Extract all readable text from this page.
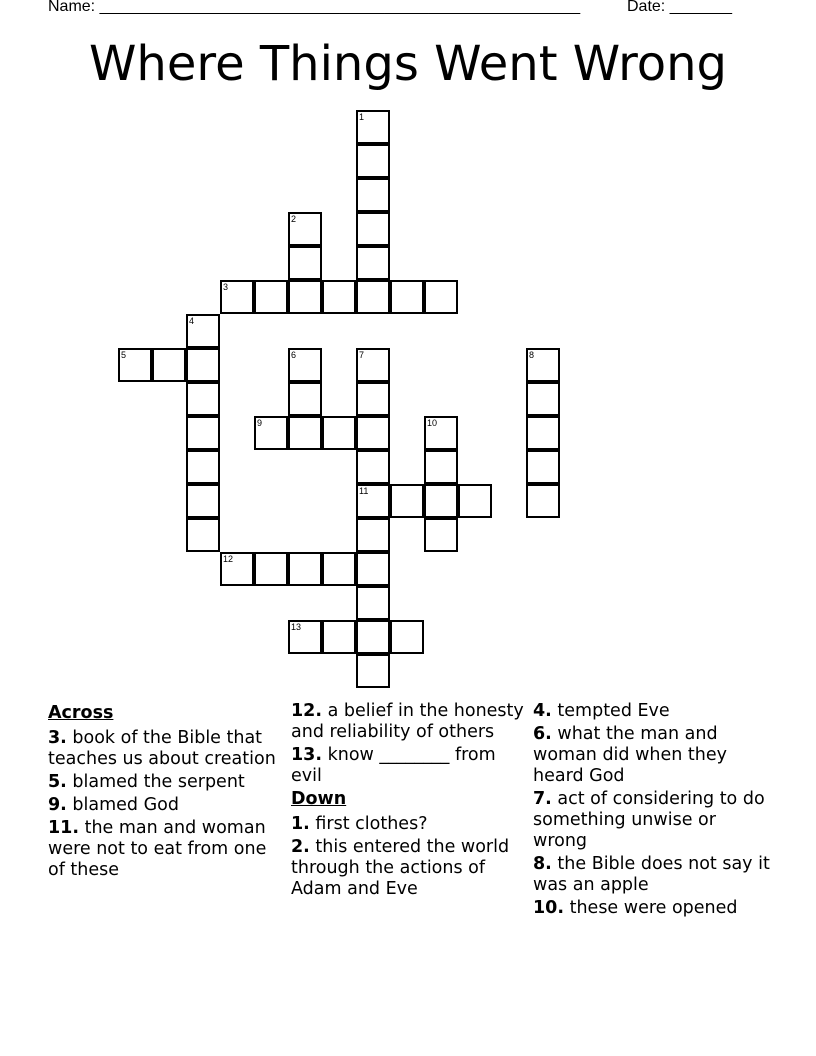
Name: ______________________________________________________	Date: _______
Where Things Went Wrong
1
2
3
4
5	6	7
11
8
9	10
12
13
Across
3. book of the Bible that teaches us about creation
5. blamed the serpent
9. blamed God
11. the man and woman were not to eat from one of these
12. a belief in the honesty and reliability of others
13. know ________ from evil
Down
1. first clothes?
2. this entered the world through the actions of Adam and Eve
4. tempted Eve
6. what the man and woman did when they heard God
7. act of considering to do something unwise or wrong
8. the Bible does not say it was an apple
10. these were opened
